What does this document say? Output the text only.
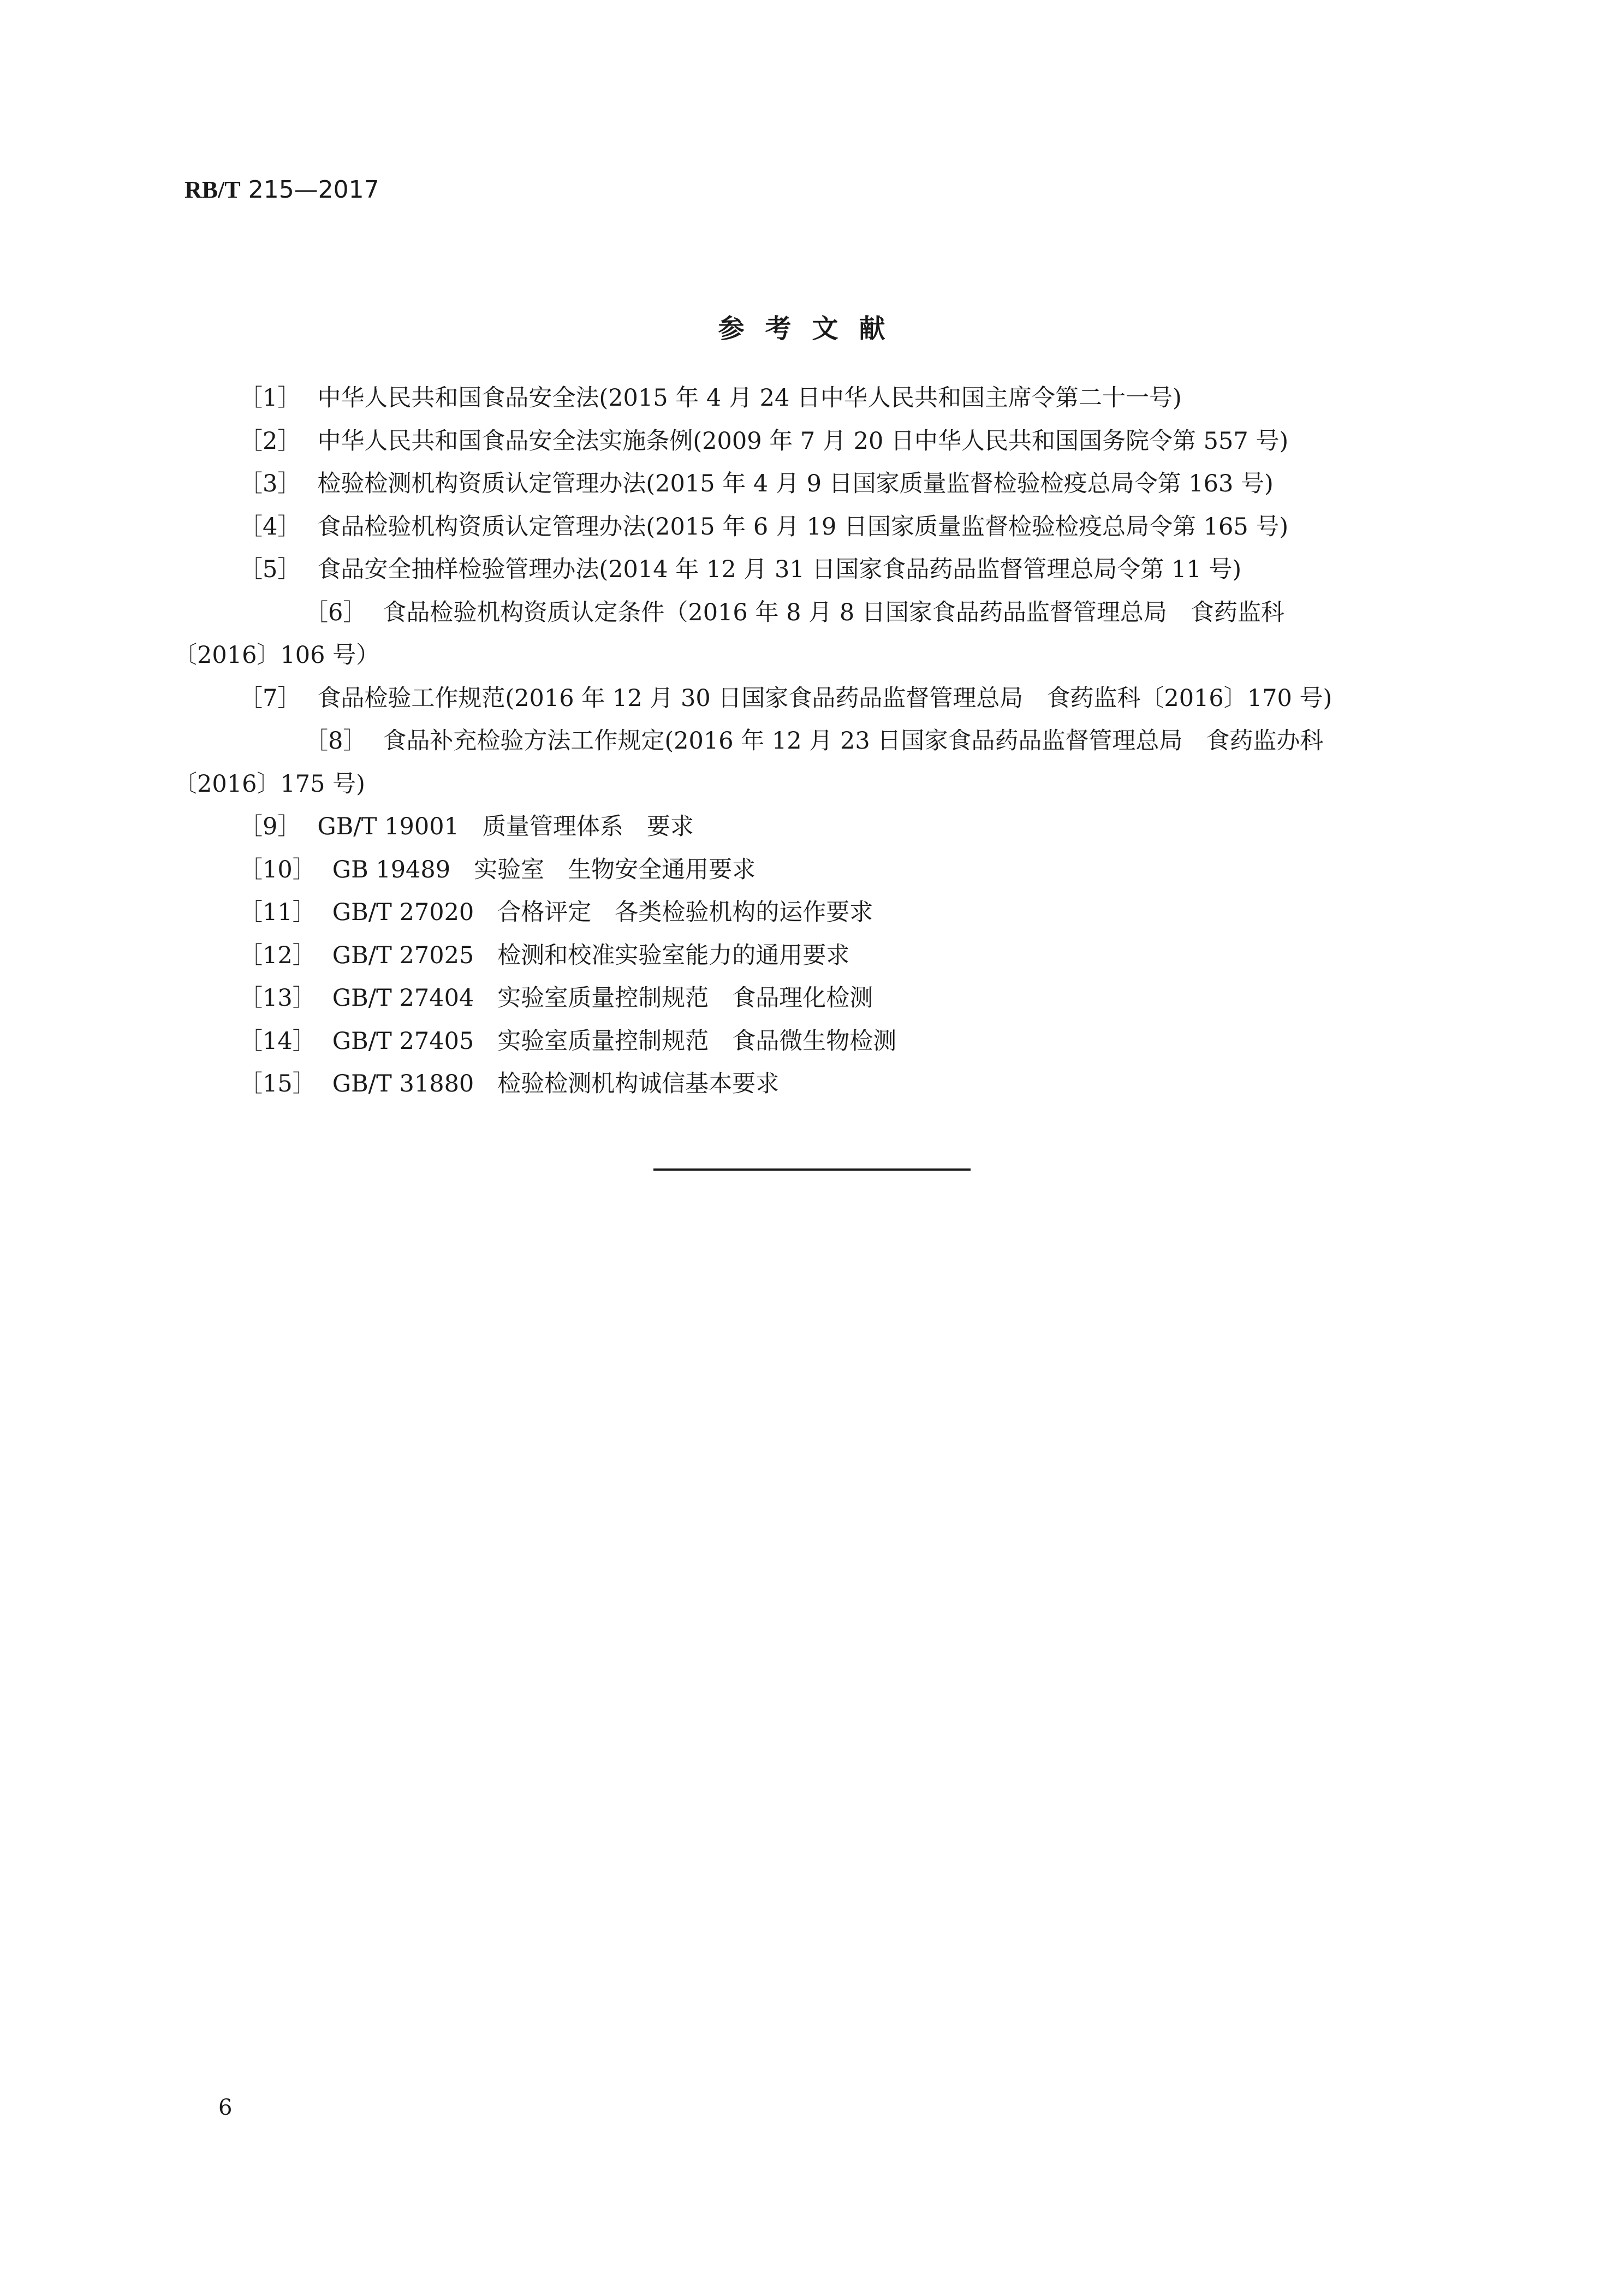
RB/T 215—2017
参考文献
［1］ 中华人民共和国食品安全法(2015 年 4 月 24 日中华人民共和国主席令第二十一号)
［2］ 中华人民共和国食品安全法实施条例(2009 年 7 月 20 日中华人民共和国国务院令第 557 号)
［3］ 检验检测机构资质认定管理办法(2015 年 4 月 9 日国家质量监督检验检疫总局令第 163 号)
［4］ 食品检验机构资质认定管理办法(2015 年 6 月 19 日国家质量监督检验检疫总局令第 165 号)
［5］ 食品安全抽样检验管理办法(2014 年 12 月 31 日国家食品药品监督管理总局令第 11 号)
［6］ 食品检验机构资质认定条件（2016 年 8 月 8 日国家食品药品监督管理总局　食药监科
〔2016〕106 号）
［7］ 食品检验工作规范(2016 年 12 月 30 日国家食品药品监督管理总局　食药监科〔2016〕170 号)
［8］ 食品补充检验方法工作规定(2016 年 12 月 23 日国家食品药品监督管理总局　食药监办科
〔2016〕175 号)
［9］ GB/T 19001　质量管理体系　要求
［10］ GB 19489　实验室　生物安全通用要求
［11］ GB/T 27020　合格评定　各类检验机构的运作要求
［12］ GB/T 27025　检测和校准实验室能力的通用要求
［13］ GB/T 27404　实验室质量控制规范　食品理化检测
［14］ GB/T 27405　实验室质量控制规范　食品微生物检测
［15］ GB/T 31880　检验检测机构诚信基本要求
6
